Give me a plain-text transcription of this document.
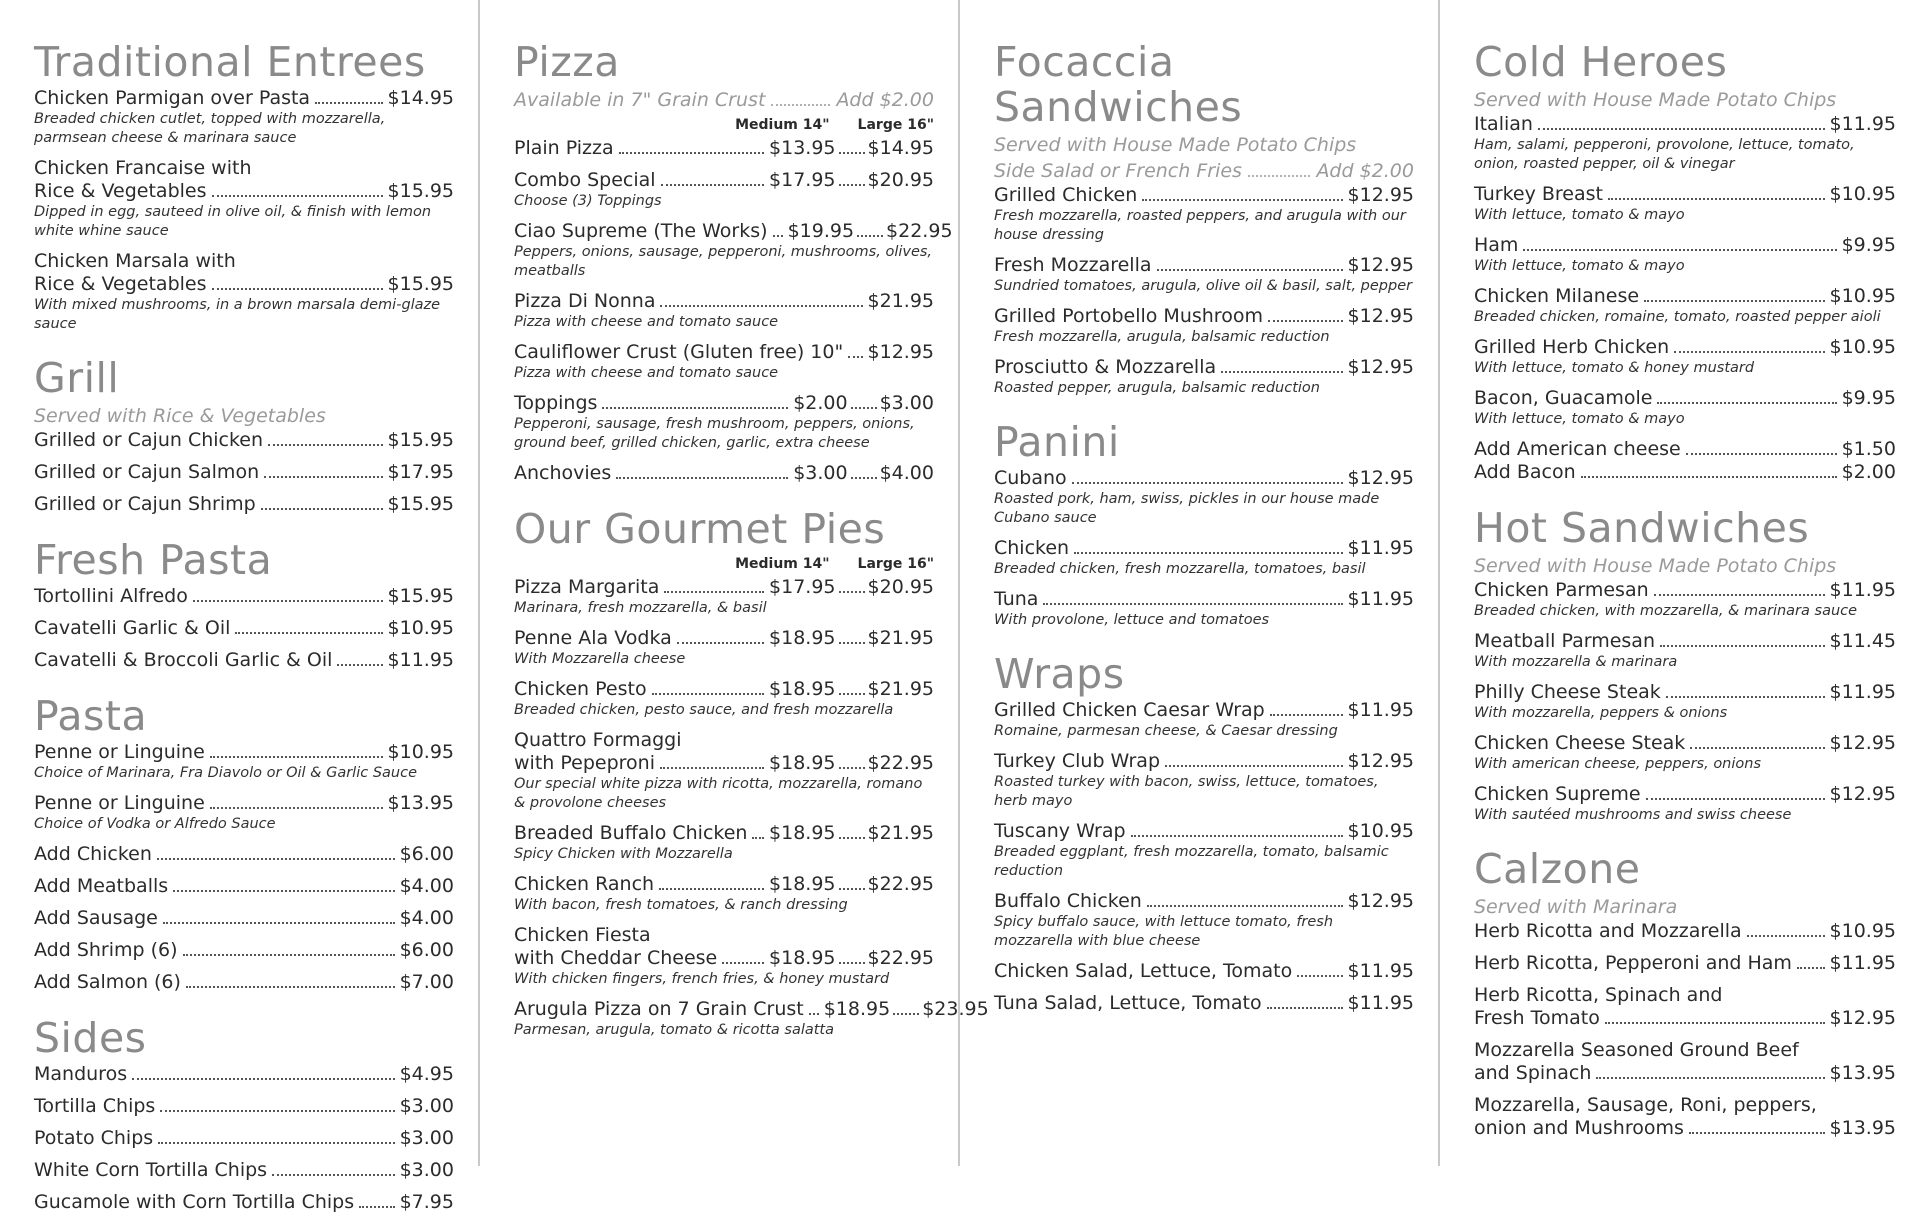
Traditional Entrees
Chicken Parmigan over Pasta	$14.95
Breaded chicken cutlet, topped with mozzarella, parmsean cheese & marinara sauce
Chicken Francaise with
Rice & Vegetables	$15.95
Dipped in egg, sauteed in olive oil, & finish with lemon white whine sauce
Chicken Marsala with
Rice & Vegetables	$15.95
With mixed mushrooms, in a brown marsala demi-glaze sauce
Grill
Served with Rice & Vegetables
Grilled or Cajun Chicken	$15.95
Grilled or Cajun Salmon	$17.95
Grilled or Cajun Shrimp	$15.95
Fresh Pasta
Tortollini Alfredo	$15.95
Cavatelli Garlic & Oil	$10.95
Cavatelli & Broccoli Garlic & Oil	$11.95
Pasta
Penne or Linguine	$10.95
Choice of Marinara, Fra Diavolo or Oil & Garlic Sauce
Penne or Linguine	$13.95
Choice of Vodka or Alfredo Sauce
Add Chicken	$6.00
Add Meatballs	$4.00
Add Sausage	$4.00
Add Shrimp (6)	$6.00
Add Salmon (6)	$7.00
Sides
Manduros	$4.95
Tortilla Chips	$3.00
Potato Chips	$3.00
White Corn Tortilla Chips	$3.00
Gucamole with Corn Tortilla Chips $7.95
Pizza
Available in 7" Grain Crust	Add $2.00
Medium 14" Large 16"
Plain Pizza	$13.95 $14.95
Combo Special	$17.95 $20.95
Choose (3) Toppings
Ciao Supreme (The Works) $19.95 $22.95
Peppers, onions, sausage, pepperoni, mushrooms, olives, meatballs
Pizza Di Nonna	$21.95
Pizza with cheese and tomato sauce
Cauliflower Crust (Gluten free) 10" $12.95
Pizza with cheese and tomato sauce
Toppings	$2.00 $3.00
Pepperoni, sausage, fresh mushroom, peppers, onions, ground beef, grilled chicken, garlic, extra cheese
Anchovies	$3.00 $4.00
Our Gourmet Pies
Medium 14" Large 16"
Pizza Margarita	$17.95 $20.95
Marinara, fresh mozzarella, & basil
Penne Ala Vodka	$18.95 $21.95
With Mozzarella cheese
Chicken Pesto	$18.95 $21.95
Breaded chicken, pesto sauce, and fresh mozzarella
Quattro Formaggi
with Pepeproni	$18.95 $22.95
Our special white pizza with ricotta, mozzarella, romano & provolone cheeses
Breaded Buffalo Chicken $18.95 $21.95
Spicy Chicken with Mozzarella
Chicken Ranch	$18.95 $22.95
With bacon, fresh tomatoes, & ranch dressing
Chicken Fiesta
with Cheddar Cheese	$18.95 $22.95
With chicken fingers, french fries, & honey mustard
Arugula Pizza on 7 Grain Crust $18.95 $23.95
Parmesan, arugula, tomato & ricotta salatta
Focaccia Sandwiches
Served with House Made Potato Chips
Side Salad or French Fries	Add $2.00
Grilled Chicken	$12.95
Fresh mozzarella, roasted peppers, and arugula with our house dressing
Fresh Mozzarella	$12.95
Sundried tomatoes, arugula, olive oil & basil, salt, pepper
Grilled Portobello Mushroom	$12.95
Fresh mozzarella, arugula, balsamic reduction
Prosciutto & Mozzarella	$12.95
Roasted pepper, arugula, balsamic reduction
Panini
Cubano	$12.95
Roasted pork, ham, swiss, pickles in our house made Cubano sauce
Chicken	$11.95
Breaded chicken, fresh mozzarella, tomatoes, basil
Tuna	$11.95
With provolone, lettuce and tomatoes
Wraps
Grilled Chicken Caesar Wrap	$11.95
Romaine, parmesan cheese, & Caesar dressing
Turkey Club Wrap	$12.95
Roasted turkey with bacon, swiss, lettuce, tomatoes, herb mayo
Tuscany Wrap	$10.95
Breaded eggplant, fresh mozzarella, tomato, balsamic reduction
Buffalo Chicken	$12.95
Spicy buffalo sauce, with lettuce tomato, fresh mozzarella with blue cheese
Chicken Salad, Lettuce, Tomato	$11.95
Tuna Salad, Lettuce, Tomato	$11.95
Cold Heroes
Served with House Made Potato Chips
Italian	$11.95
Ham, salami, pepperoni, provolone, lettuce, tomato, onion, roasted pepper, oil & vinegar
Turkey Breast	$10.95
With lettuce, tomato & mayo
Ham	$9.95
With lettuce, tomato & mayo
Chicken Milanese	$10.95
Breaded chicken, romaine, tomato, roasted pepper aioli
Grilled Herb Chicken	$10.95
With lettuce, tomato & honey mustard
Bacon, Guacamole	$9.95
With lettuce, tomato & mayo
Add American cheese	$1.50
Add Bacon	$2.00
Hot Sandwiches
Served with House Made Potato Chips
Chicken Parmesan	$11.95
Breaded chicken, with mozzarella, & marinara sauce
Meatball Parmesan	$11.45
With mozzarella & marinara
Philly Cheese Steak	$11.95
With mozzarella, peppers & onions
Chicken Cheese Steak	$12.95
With american cheese, peppers, onions
Chicken Supreme	$12.95
With sautéed mushrooms and swiss cheese
Calzone
Served with Marinara
Herb Ricotta and Mozzarella	$10.95
Herb Ricotta, Pepperoni and Ham $11.95
Herb Ricotta, Spinach and
Fresh Tomato	$12.95
Mozzarella Seasoned Ground Beef
and Spinach	$13.95
Mozzarella, Sausage, Roni, peppers,
onion and Mushrooms	$13.95
